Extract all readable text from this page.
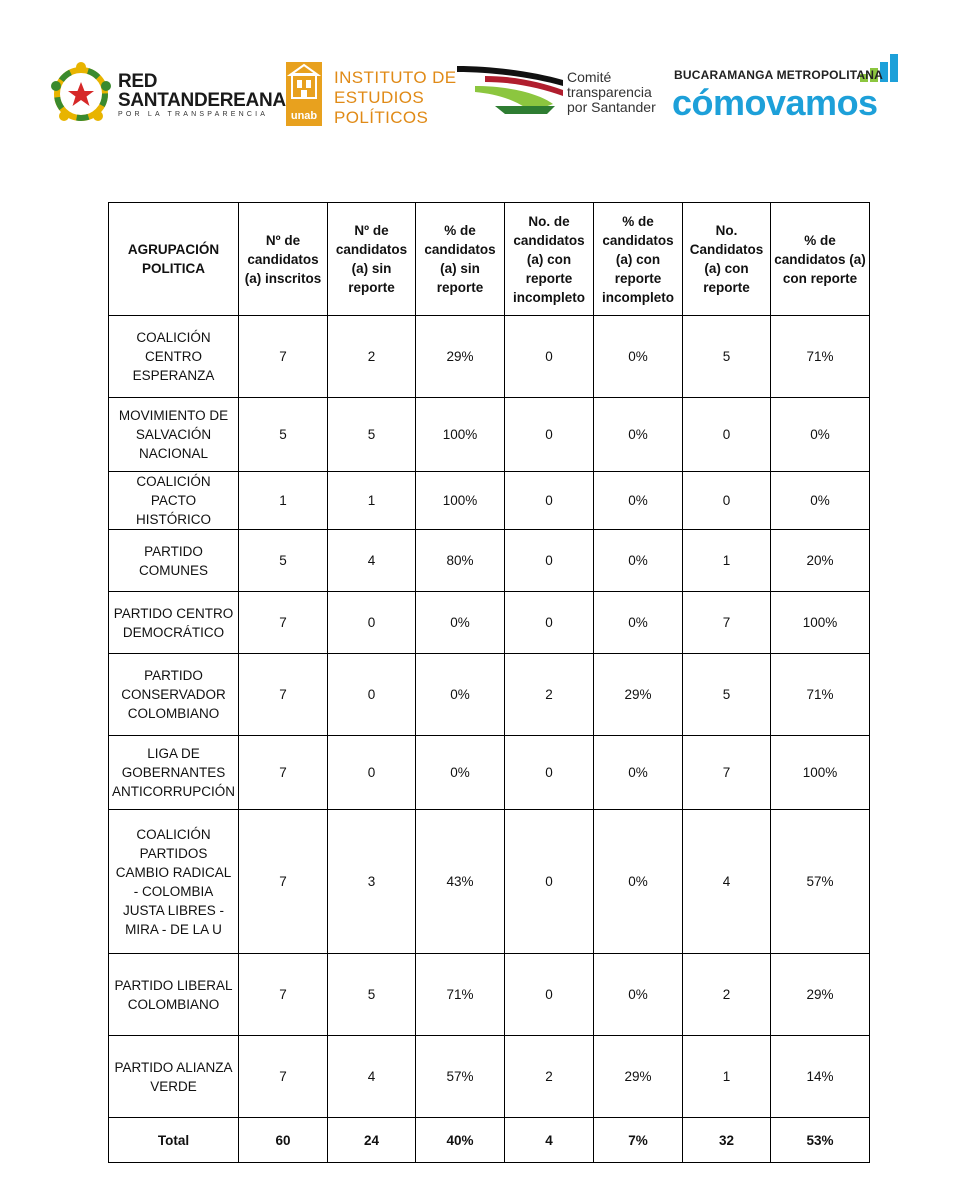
RED
SANTANDEREANA
POR LA TRANSPARENCIA	unab
INSTITUTO DE
ESTUDIOS
POLÍTICOS
Comité
transparencia
por Santander
BUCARAMANGA METROPOLITANA
cómovamos
AGRUPACIÓN POLITICA	Nº de candidatos (a) inscritos	Nº de candidatos (a) sin reporte	% de candidatos (a) sin reporte	No. de candidatos (a) con reporte incompleto	% de candidatos (a) con reporte incompleto	No. Candidatos (a) con reporte	% de candidatos (a) con reporte
COALICIÓN CENTRO ESPERANZA	7	2	29%	0	0%	5	71%
MOVIMIENTO DE SALVACIÓN NACIONAL	5	5	100%	0	0%	0	0%
COALICIÓN PACTO HISTÓRICO	1	1	100%	0	0%	0	0%
PARTIDO COMUNES	5	4	80%	0	0%	1	20%
PARTIDO CENTRO DEMOCRÁTICO	7	0	0%	0	0%	7	100%
PARTIDO CONSERVADOR COLOMBIANO	7	0	0%	2	29%	5	71%
LIGA DE GOBERNANTES ANTICORRUPCIÓN	7	0	0%	0	0%	7	100%
COALICIÓN PARTIDOS CAMBIO RADICAL - COLOMBIA JUSTA LIBRES - MIRA - DE LA U	7	3	43%	0	0%	4	57%
PARTIDO LIBERAL COLOMBIANO	7	5	71%	0	0%	2	29%
PARTIDO ALIANZA VERDE	7	4	57%	2	29%	1	14%
Total	60	24	40%	4	7%	32	53%
